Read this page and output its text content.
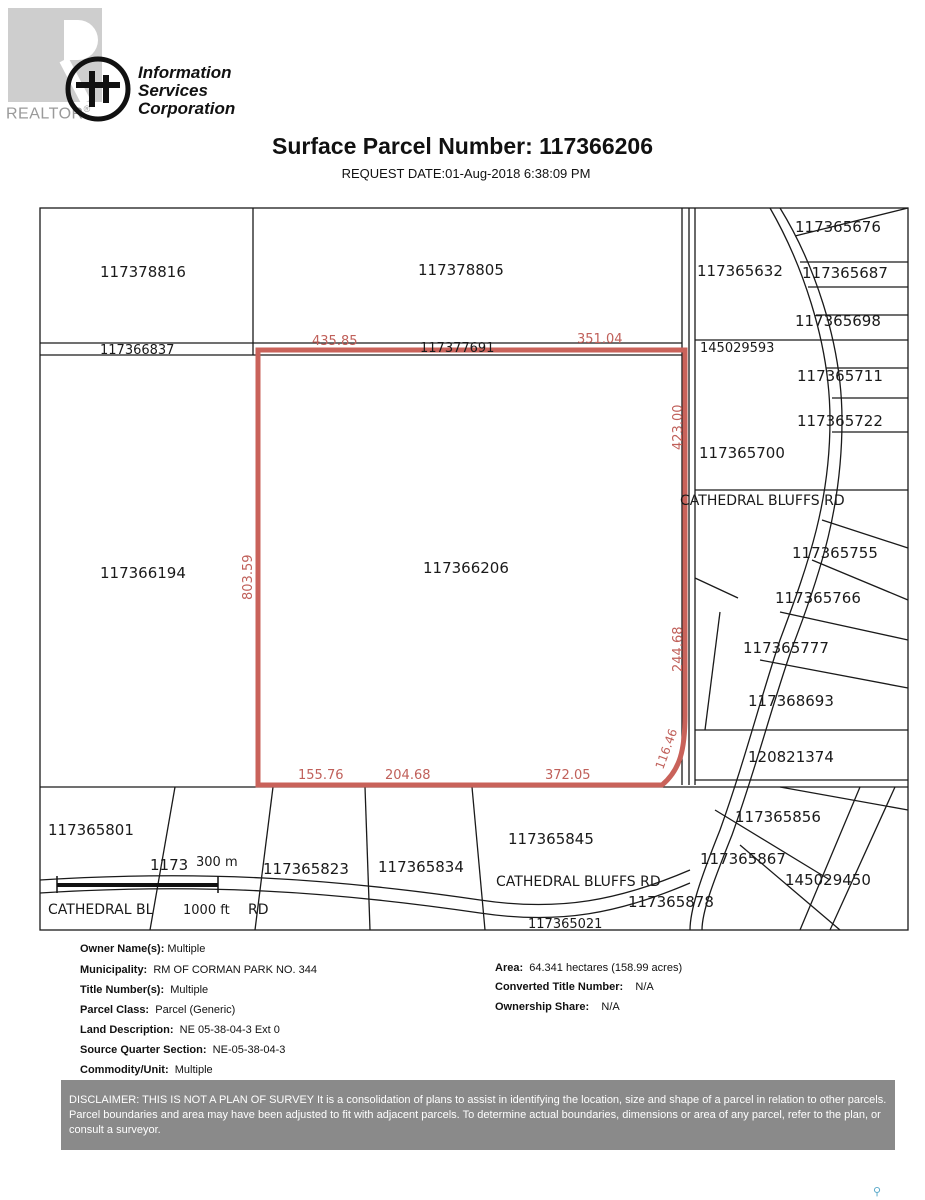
REALTOR®
Information
Services
Corporation
Surface Parcel Number: 117366206
REQUEST DATE:01-Aug-2018 6:38:09 PM
117378816	117378805
117366837	117377691
117366194	117366206
117365676
117365632 117365687
117365698
145029593
117365711
117365722
117365700
117365755
117365766
117365777
117368693
120821374
117365801
1173	117365823 117365834
117365845
117365856
117365867
145029450
117365878
117365021
435.85	351.04
155.76	204.68	372.05
803.59
423.00
244.68
116.46
CATHEDRAL BLUFFS RD
CATHEDRAL BLUFFS RD
CATHEDRAL BL	RD
300 m
1000 ft
Owner Name(s): Multiple
Municipality: RM OF CORMAN PARK NO. 344
Title Number(s): Multiple
Parcel Class: Parcel (Generic)
Land Description: NE 05-38-04-3 Ext 0
Source Quarter Section: NE-05-38-04-3
Commodity/Unit: Multiple
Area: 64.341 hectares (158.99 acres)
Converted Title Number: N/A
Ownership Share: N/A
DISCLAIMER: THIS IS NOT A PLAN OF SURVEY It is a consolidation of plans to assist in identifying the location, size and shape of a parcel in relation to other parcels. Parcel boundaries and area may have been adjusted to fit with adjacent parcels. To determine actual boundaries, dimensions or area of any parcel, refer to the plan, or consult a surveyor.
⚲
